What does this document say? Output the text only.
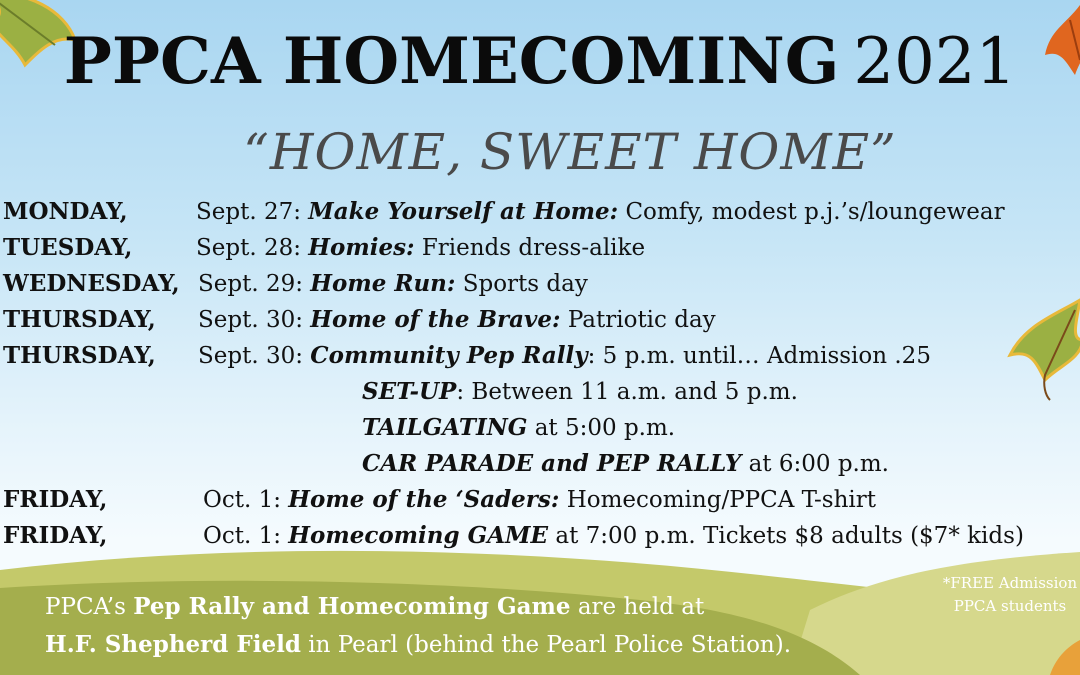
PPCA HOMECOMING 2021
“HOME, SWEET HOME”
MONDAY,	Sept. 27: Make Yourself at Home: Comfy, modest p.j.’s/loungewear
TUESDAY,	Sept. 28: Homies: Friends dress-alike
WEDNESDAY, Sept. 29: Home Run: Sports day
THURSDAY, Sept. 30: Home of the Brave: Patriotic day
THURSDAY, Sept. 30: Community Pep Rally: 5 p.m. until… Admission .25
SET-UP: Between 11 a.m. and 5 p.m.
TAILGATING at 5:00 p.m.
CAR PARADE and PEP RALLY at 6:00 p.m.
FRIDAY,	Oct. 1: Home of the ‘Saders: Homecoming/PPCA T-shirt
FRIDAY,	Oct. 1: Homecoming GAME at 7:00 p.m. Tickets $8 adults ($7* kids)
PPCA’s Pep Rally and Homecoming Game are held at
H.F. Shepherd Field in Pearl (behind the Pearl Police Station).
*FREE Admission
PPCA students
